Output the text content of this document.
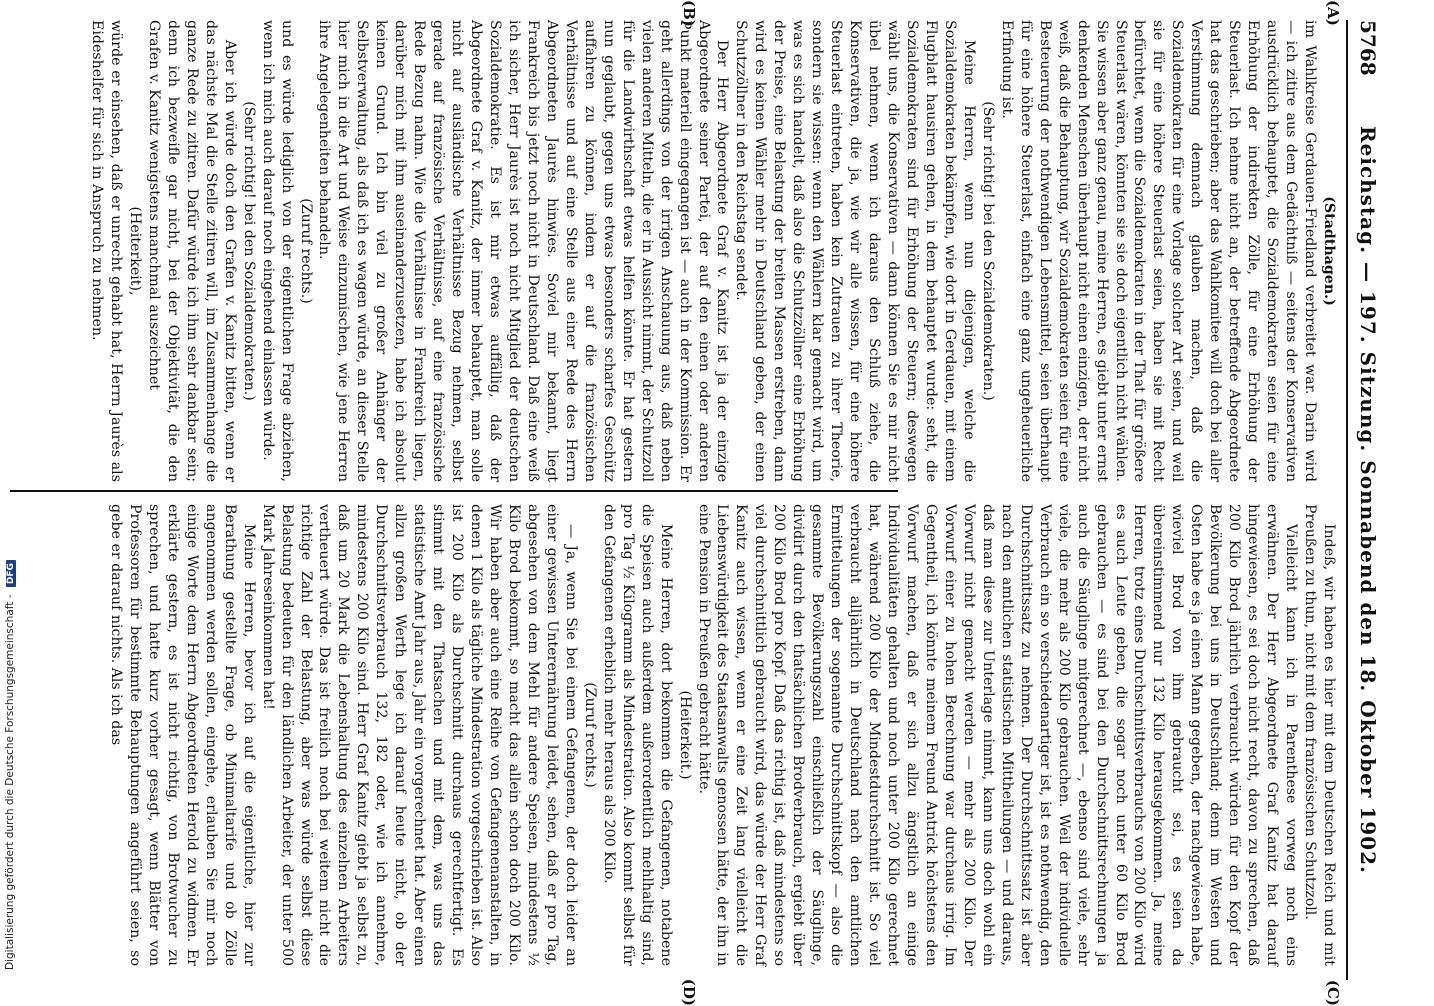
5768
Reichstag. — 197. Sitzung. Sonnabend den 18. Oktober 1902.
(A)
(B)
(C)
(D)

(Stadthagen.)

im Wahlkreise Gerdauen-Friedland verbreitet war. Darin wird — ich zitire aus dem Gedächtniß — seitens der Konservativen ausdrücklich behauptet, die Sozialdemokraten seien für eine Erhöhung der indirekten Zölle, für eine Erhöhung der Steuerlast. Ich nehme nicht an, der betreffende Abgeordnete hat das geschrieben; aber das Wahlkomitee will doch bei aller Verstimmung demnach glauben machen, daß die Sozialdemokraten für eine Vorlage solcher Art seien, und weil sie für eine höhere Steuerlast seien, haben sie mit Recht befürchtet, wenn die Sozialdemokraten in der That für größere Steuerlast wären, könnten sie sie doch eigentlich nicht wählen. Sie wissen aber ganz genau, meine Herren, es giebt unter ernst denkenden Menschen überhaupt nicht einen einzigen, der nicht weiß, daß die Behauptung, wir Sozialdemokraten seien für eine Besteuerung der nothwendigen Lebensmittel, seien überhaupt für eine höhere Steuerlast, einfach eine ganz ungeheuerliche Erfindung ist.

(Sehr richtig! bei den Sozialdemokraten.)

Meine Herren, wenn nun diejenigen, welche die Sozialdemokraten bekämpfen, wie dort in Gerdauen, mit einem Flugblatt hausiren gehen, in dem behauptet wurde: seht, die Sozialdemokraten sind für Erhöhung der Steuern; deswegen wählt uns, die Konservativen — dann können Sie es mir nicht übel nehmen, wenn ich daraus den Schluß ziehe, die Konservativen, die ja, wie wir alle wissen, für eine höhere Steuerlast eintreten, haben kein Zutrauen zu ihrer Theorie, sondern sie wissen: wenn den Wählern klar gemacht wird, um was es sich handelt, daß also die Schutzzöllner eine Erhöhung der Preise, eine Belastung der breiten Massen erstreben, dann wird es keinen Wähler mehr in Deutschland geben, der einen Schutzzöllner in den Reichstag sendet.

Der Herr Abgeordnete Graf v. Kanitz ist ja der einzige Abgeordnete seiner Partei, der auf den einen oder anderen Punkt materiell eingegangen ist — auch in der Kommission. Er geht allerdings von der irrigen Anschauung aus, daß neben vielen anderen Mitteln, die er in Aussicht nimmt, der Schutzzoll für die Landwirthschaft etwas helfen könnte. Er hat gestern nun geglaubt, gegen uns etwas besonders scharfes Geschütz auffahren zu können, indem er auf die französischen Verhältnisse und auf eine Stelle aus einer Rede des Herrn Abgeordneten Jaurès hinwies. Soviel mir bekannt, liegt Frankreich bis jetzt noch nicht in Deutschland. Daß eine weiß ich sicher, Herr Jaurès ist noch nicht Mitglied der deutschen Sozialdemokratie. Es ist mir etwas auffällig, daß der Abgeordnete Graf v. Kanitz, der immer behauptet, man solle nicht auf ausländische Verhältnisse Bezug nehmen, selbst gerade auf französische Verhältnisse, auf eine französische Rede Bezug nahm. Wie die Verhältnisse in Frankreich liegen, darüber mich mit ihm auseinanderzusetzen, habe ich absolut keinen Grund. Ich bin viel zu großer Anhänger der Selbstverwaltung, als daß ich es wagen würde, an dieser Stelle hier mich in die Art und Weise einzumischen, wie jene Herren ihre Angelegenheiten behandeln.

(Zuruf rechts.)

und es würde lediglich von der eigentlichen Frage abziehen, wenn ich mich auch darauf noch eingehend einlassen würde.

(Sehr richtig! bei den Sozialdemokraten.)

Aber ich würde doch den Grafen v. Kanitz bitten, wenn er das nächste Mal die Stelle zitiren will, im Zusammenhange die ganze Rede zu zitiren. Dafür würde ich ihm sehr dankbar sein; denn ich bezweifle gar nicht, bei der Objektivität, die den Grafen v. Kanitz wenigstens manchmal auszeichnet

(Heiterkeit),

würde er einsehen, daß er unrecht gehabt hat, Herrn Jaurès als Eideshelfer für sich in Anspruch zu nehmen.

Indeß, wir haben es hier mit dem Deutschen Reich und mit Preußen zu thun, nicht mit dem französischen Schutzzoll.

Vielleicht kann ich in Parenthese vorweg noch eins erwähnen. Der Herr Abgeordnete Graf Kanitz hat darauf hingewiesen, es sei doch nicht recht, davon zu sprechen, daß 200 Kilo Brod jährlich verbraucht würden für den Kopf der Bevölkerung bei uns in Deutschland; denn im Westen und Osten habe es ja einen Mann gegeben, der nachgewiesen habe, wieviel Brod von ihm gebraucht sei, es seien da übereinstimmend nur 132 Kilo herausgekommen. Ja, meine Herren, trotz eines Durchschnittsverbrauchs von 200 Kilo wird es auch Leute geben, die sogar noch unter 60 Kilo Brod gebrauchen — es sind bei den Durchschnittsrechnungen ja auch die Säuglinge mitgerechnet —, ebenso sind viele, sehr viele, die mehr als 200 Kilo gebrauchen. Weil der individuelle Verbrauch ein so verschiedenartiger ist, ist es nothwendig, den Durchschnittssatz zu nehmen. Der Durchschnittssatz ist aber nach den amtlichen statistischen Mittheilungen — und daraus, daß man diese zur Unterlage nimmt, kann uns doch wohl ein Vorwurf nicht gemacht werden — mehr als 200 Kilo. Der Vorwurf einer zu hohen Berechnung war durchaus irrig. Im Gegentheil, ich könnte meinem Freund Antrick höchstens den Vorwurf machen, daß er sich allzu ängstlich an einige Individualitäten gehalten und noch unter 200 Kilo gerechnet hat, während 200 Kilo der Mindestdurchschnitt ist. So viel verbraucht alljährlich in Deutschland nach den amtlichen Ermittelungen der sogenannte Durchschnittskopf — also die gesammte Bevölkerungszahl einschließlich der Säuglinge, dividirt durch den thatsächlichen Brodverbrauch, ergiebt über 200 Kilo Brod pro Kopf. Daß das richtig ist, daß mindestens so viel durchschnittlich gebraucht wird, das würde der Herr Graf Kanitz auch wissen, wenn er eine Zeit lang vielleicht die Liebenswürdigkeit des Staatsanwalts genossen hätte, der ihn in eine Pension in Preußen gebracht hätte.

(Heiterkeit.)

Meine Herren, dort bekommen die Gefangenen, notabene die Speisen auch außerdem außerordentlich mehlhaltig sind, pro Tag ½ Kilogramm als Mindestration. Also kommt selbst für den Gefangenen erheblich mehr heraus als 200 Kilo.

(Zuruf rechts.)

— Ja, wenn Sie bei einem Gefangenen, der doch leider an einer gewissen Unterernährung leidet, sehen, daß er pro Tag, abgesehen von dem Mehl für andere Speisen, mindestens ½ Kilo Brod bekommt, so macht das allein schon doch 200 Kilo. Wir haben aber auch eine Reihe von Gefangenenanstalten, in denen 1 Kilo als tägliche Mindestration vorgeschrieben ist. Also ist 200 Kilo als Durchschnitt durchaus gerechtfertigt. Es stimmt mit den Thatsachen und mit dem, was uns das statistische Amt Jahr aus, Jahr ein vorgerechnet hat. Aber einen allzu großen Werth lege ich darauf heute nicht, ob der Durchschnittsverbrauch 132, 182 oder, wie ich annehme, mindestens 200 Kilo sind. Herr Graf Kanitz giebt ja selbst zu, daß um 20 Mark die Lebenshaltung des einzelnen Arbeiters vertheuert würde. Das ist freilich noch bei weitem nicht die richtige Zahl der Belastung, aber was würde selbst diese Belastung bedeuten für den ländlichen Arbeiter, der unter 500 Mark Jahreseinkommen hat!

Meine Herren, bevor ich auf die eigentliche, hier zur Berathung gestellte Frage, ob Minimaltarife und ob Zölle angenommen werden sollen, eingehe, erlauben Sie mir noch einige Worte dem Herrn Abgeordneten Herold zu widmen. Er erklärte gestern, es ist nicht richtig, von Brotwucher zu sprechen, und hatte kurz vorher gesagt, wenn Blätter von Professoren für bestimmte Behauptungen angeführt seien, so gebe er darauf nichts. Als ich das

Digitalisierung gefördert durch die Deutsche Forschungsgemeinschaft - DFG
